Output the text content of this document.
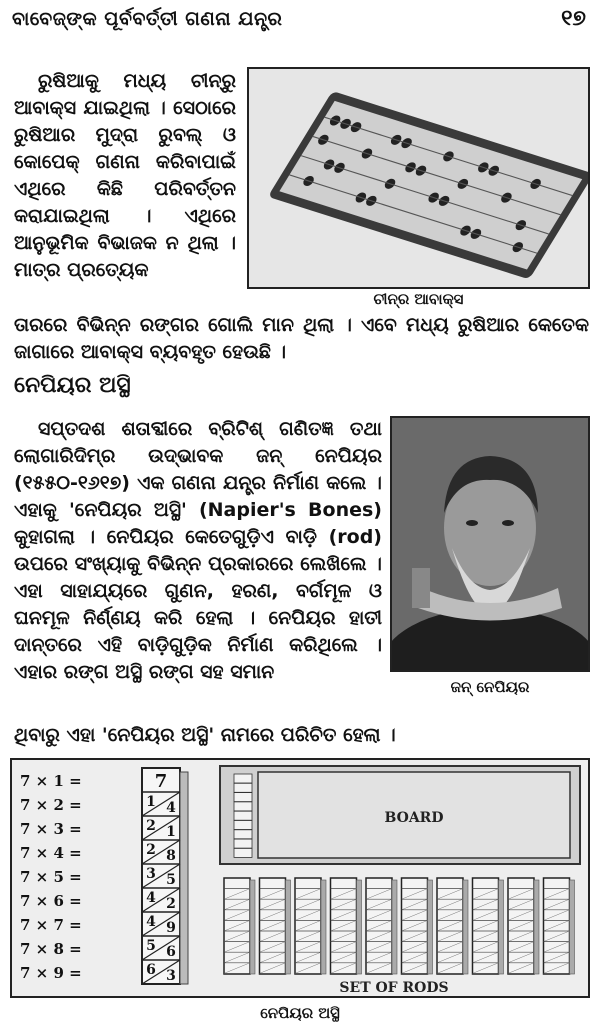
ବାବେଜ୍‌ଙ୍କ ପୂର୍ବବର୍ତ୍ତୀ ଗଣନା ଯନ୍ତ୍ର	୧୭

ରୁଷିଆକୁ ମଧ୍ୟ ଚୀନ୍‌ରୁ ଆବାକ୍‌ସ ଯାଇଥିଲା । ସେଠାରେ ରୁଷିଆର ମୁଦ୍ରା ରୁବଲ୍ ଓ କୋପେକ୍ ଗଣନା କରିବାପାଇଁ ଏଥିରେ କିଛି ପରିବର୍ତ୍ତନ କରାଯାଇଥିଲା । ଏଥିରେ ଆନୁଭୂମିକ ବିଭାଜକ ନ ଥିଲା । ମାତ୍ର ପ୍ରତ୍ୟେକ

ଚୀନ୍‌ର ଆବାକ୍‌ସ

ତାରରେ ବିଭିନ୍ନ ରଙ୍ଗର ଗୋଲି ମାନ ଥିଲା । ଏବେ ମଧ୍ୟ ରୁଷିଆର କେତେକ ଜାଗାରେ ଆବାକ୍‌ସ ବ୍ୟବହୃତ ହେଉଛି ।

ନେପିୟର ଅସ୍ଥି

ସପ୍ତଦଶ ଶତାବ୍ଦୀରେ ବ୍ରିଟିଶ୍ ଗଣିତଜ୍ଞ ତଥା ଲୋଗାରିଦିମ୍‌ର ଉଦ୍ଭାବକ ଜନ୍ ନେପିୟର (୧୫୫୦-୧୬୧୭) ଏକ ଗଣନା ଯନ୍ତ୍ର ନିର୍ମାଣ କଲେ । ଏହାକୁ 'ନେପିୟର ଅସ୍ଥି' (Napier's Bones) କୁହାଗଲା । ନେପିୟର କେତେଗୁଡ଼ିଏ ବାଡ଼ି (rod) ଉପରେ ସଂଖ୍ୟାକୁ ବିଭିନ୍ନ ପ୍ରକାରରେ ଲେଖିଲେ । ଏହା ସାହାଯ୍ୟରେ ଗୁଣନ, ହରଣ, ବର୍ଗମୂଳ ଓ ଘନମୂଳ ନିର୍ଣ୍ଣୟ କରି ହେଲା । ନେପିୟର ହାତୀ ଦାନ୍ତରେ ଏହି ବାଡ଼ିଗୁଡ଼ିକ ନିର୍ମାଣ କରିଥିଲେ । ଏହାର ରଙ୍ଗ ଅସ୍ଥି ରଙ୍ଗ ସହ ସମାନ

ଜନ୍ ନେପିୟର

ଥିବାରୁ ଏହା 'ନେପିୟର ଅସ୍ଥି' ନାମରେ ପରିଚିତ ହେଲା ।

7 × 1 =
7 × 2 =
7 × 3 =
7 × 4 =
7 × 5 =
7 × 6 =
7 × 7 =
7 × 8 =
7 × 9 =
7
1 4
2 1
2 8
3 5
4 2
4 9
5 6
6 3
BOARD
SET OF RODS
ନେପିୟର ଅସ୍ଥି
